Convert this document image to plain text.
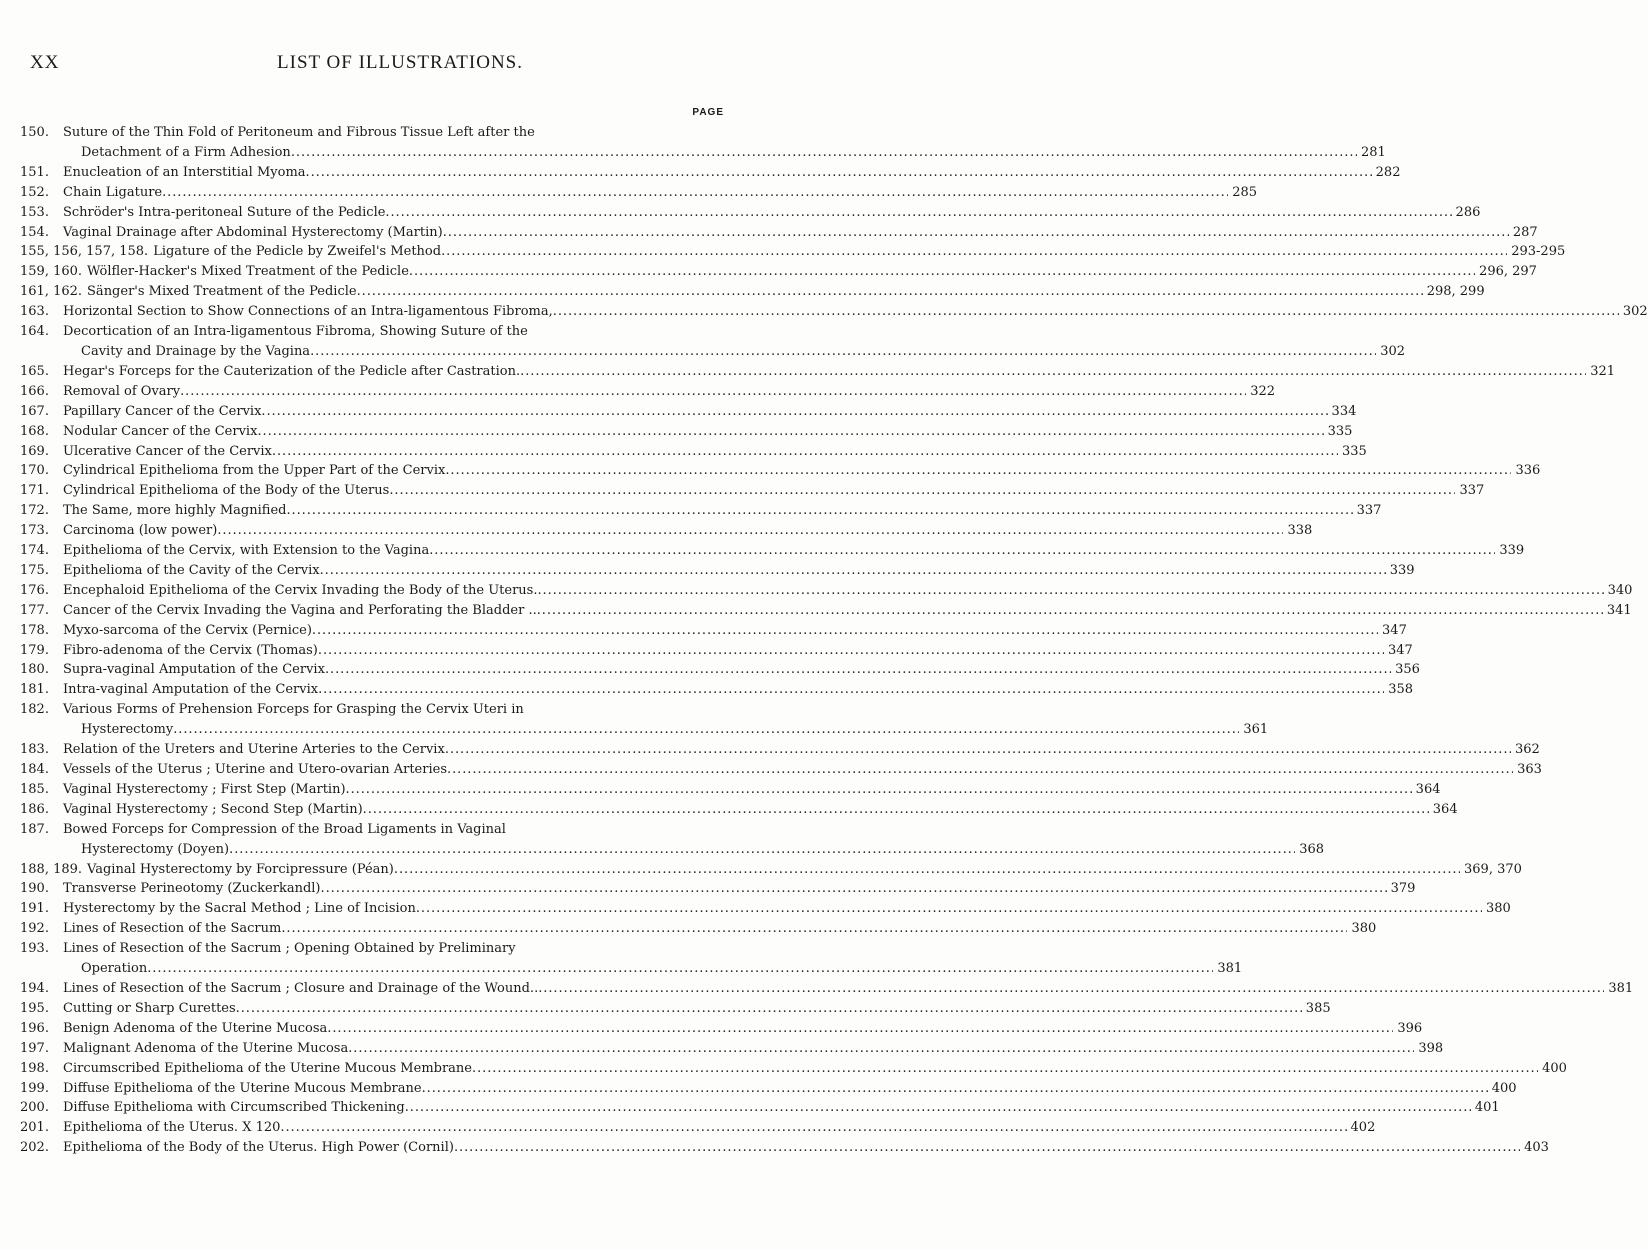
XX	LIST OF ILLUSTRATIONS.
PAGE
150.	Suture of the Thin Fold of Peritoneum and Fibrous Tissue Left after the
Detachment of a Firm Adhesion . . .	281
151.	Enucleation of an Interstitial Myoma . . .	282
152.	Chain Ligature . . .	285
153.	Schröder's Intra-peritoneal Suture of the Pedicle . . .	286
154.	Vaginal Drainage after Abdominal Hysterectomy (Martin) . . .	287
155, 156, 157, 158. Ligature of the Pedicle by Zweifel's Method . . .	293-295
159, 160. Wölfler-Hacker's Mixed Treatment of the Pedicle . . .	296, 297
161, 162. Sänger's Mixed Treatment of the Pedicle . . .	298, 299
163.	Horizontal Section to Show Connections of an Intra-ligamentous Fibroma, . . .	302
164.	Decortication of an Intra-ligamentous Fibroma, Showing Suture of the
Cavity and Drainage by the Vagina . . .	302
165.	Hegar's Forceps for the Cauterization of the Pedicle after Castration. . . .	321
166.	Removal of Ovary . . .	322
167.	Papillary Cancer of the Cervix . . .	334
168.	Nodular Cancer of the Cervix . . .	335
169.	Ulcerative Cancer of the Cervix . . .	335
170.	Cylindrical Epithelioma from the Upper Part of the Cervix . . .	336
171.	Cylindrical Epithelioma of the Body of the Uterus . . .	337
172.	The Same, more highly Magnified . . .	337
173.	Carcinoma (low power) . . .	338
174.	Epithelioma of the Cervix, with Extension to the Vagina . . .	339
175.	Epithelioma of the Cavity of the Cervix . . .	339
176.	Encephaloid Epithelioma of the Cervix Invading the Body of the Uterus. . . .	340
177.	Cancer of the Cervix Invading the Vagina and Perforating the Bladder .. . . .	341
178.	Myxo-sarcoma of the Cervix (Pernice) . . .	347
179.	Fibro-adenoma of the Cervix (Thomas) . . .	347
180.	Supra-vaginal Amputation of the Cervix . . .	356
181.	Intra-vaginal Amputation of the Cervix . . .	358
182.	Various Forms of Prehension Forceps for Grasping the Cervix Uteri in
Hysterectomy . . .	361
183.	Relation of the Ureters and Uterine Arteries to the Cervix . . .	362
184.	Vessels of the Uterus ; Uterine and Utero-ovarian Arteries . . .	363
185.	Vaginal Hysterectomy ; First Step (Martin) . . .	364
186.	Vaginal Hysterectomy ; Second Step (Martin) . . .	364
187.	Bowed Forceps for Compression of the Broad Ligaments in Vaginal
Hysterectomy (Doyen) . . .	368
188, 189. Vaginal Hysterectomy by Forcipressure (Péan) . . .	369, 370
190.	Transverse Perineotomy (Zuckerkandl) . . .	379
191.	Hysterectomy by the Sacral Method ; Line of Incision . . .	380
192.	Lines of Resection of the Sacrum . . .	380
193.	Lines of Resection of the Sacrum ; Opening Obtained by Preliminary
Operation . . .	381
194.	Lines of Resection of the Sacrum ; Closure and Drainage of the Wound.. . . .	381
195.	Cutting or Sharp Curettes . . .	385
196.	Benign Adenoma of the Uterine Mucosa . . .	396
197.	Malignant Adenoma of the Uterine Mucosa . . .	398
198.	Circumscribed Epithelioma of the Uterine Mucous Membrane . . .	400
199.	Diffuse Epithelioma of the Uterine Mucous Membrane . . .	400
200.	Diffuse Epithelioma with Circumscribed Thickening . . .	401
201.	Epithelioma of the Uterus. X 120 . . .	402
202.	Epithelioma of the Body of the Uterus. High Power (Cornil) . . .	403
